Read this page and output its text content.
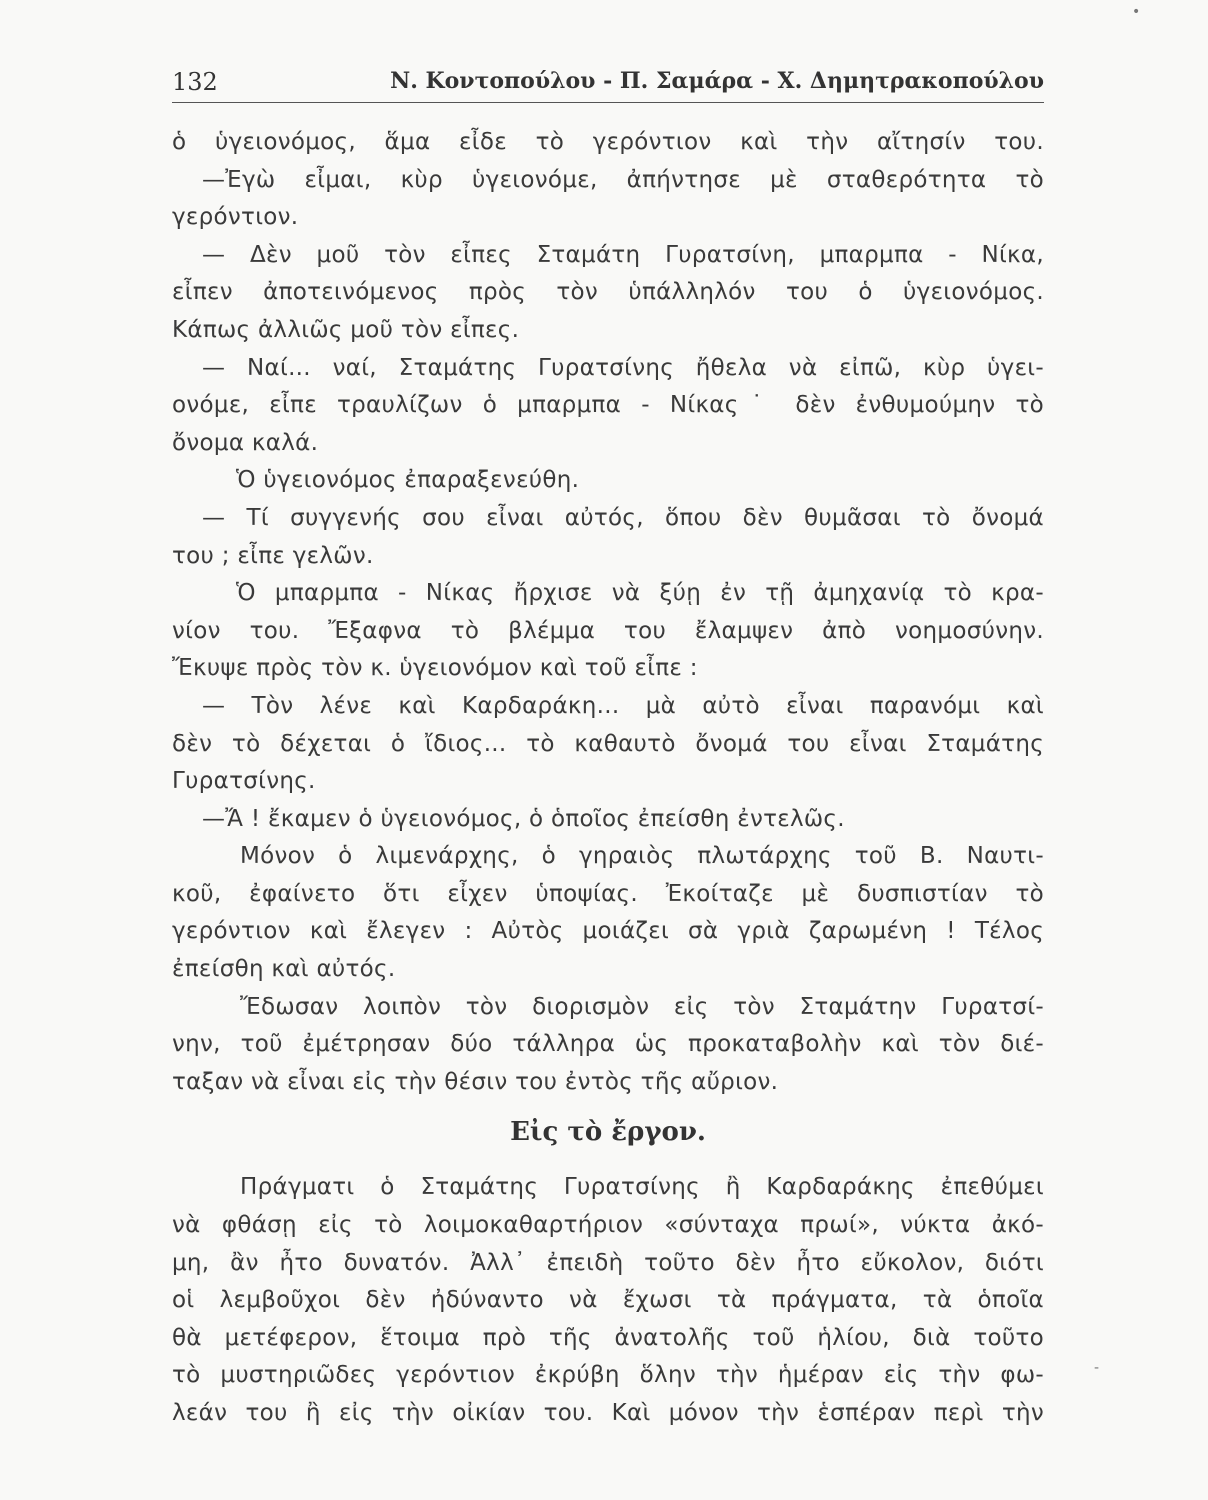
132	Ν. Κοντοπούλου - Π. Σαμάρα - Χ. Δημητρακοπούλου
ὁ ὑγειονόμος, ἅμα εἶδε τὸ γερόντιον καὶ τὴν αἴτησίν του.
—Ἐγὼ εἶμαι, κὺρ ὑγειονόμε, ἀπήντησε μὲ σταθερότητα τὸ
γερόντιον.
— Δὲν μοῦ τὸν εἶπες Σταμάτη Γυρατσίνη, μπαρμπα - Νίκα,
εἶπεν ἀποτεινόμενος πρὸς τὸν ὑπάλληλόν του ὁ ὑγειονόμος.
Κάπως ἀλλιῶς μοῦ τὸν εἶπες.
— Ναί... ναί, Σταμάτης Γυρατσίνης ἤθελα νὰ εἰπῶ, κὺρ ὑγει-
ονόμε, εἶπε τραυλίζων ὁ μπαρμπα - Νίκας˙ δὲν ἐνθυμούμην τὸ
ὄνομα καλά.
Ὁ ὑγειονόμος ἐπαραξενεύθη.
— Τί συγγενής σου εἶναι αὐτός, ὅπου δὲν θυμᾶσαι τὸ ὄνομά
του ; εἶπε γελῶν.
Ὁ μπαρμπα - Νίκας ἤρχισε νὰ ξύῃ ἐν τῇ ἀμηχανίᾳ τὸ κρα-
νίον του. Ἔξαφνα τὸ βλέμμα του ἔλαμψεν ἀπὸ νοημοσύνην.
Ἔκυψε πρὸς τὸν κ. ὑγειονόμον καὶ τοῦ εἶπε :
— Τὸν λένε καὶ Καρδαράκη... μὰ αὐτὸ εἶναι παρανόμι καὶ
δὲν τὸ δέχεται ὁ ἴδιος... τὸ καθαυτὸ ὄνομά του εἶναι Σταμάτης
Γυρατσίνης.
—Ἄ ! ἔκαμεν ὁ ὑγειονόμος, ὁ ὁποῖος ἐπείσθη ἐντελῶς.
Μόνον ὁ λιμενάρχης, ὁ γηραιὸς πλωτάρχης τοῦ Β. Ναυτι-
κοῦ, ἐφαίνετο ὅτι εἶχεν ὑποψίας. Ἐκοίταζε μὲ δυσπιστίαν τὸ
γερόντιον καὶ ἔλεγεν : Αὐτὸς μοιάζει σὰ γριὰ ζαρωμένη ! Τέλος
ἐπείσθη καὶ αὐτός.
Ἔδωσαν λοιπὸν τὸν διορισμὸν εἰς τὸν Σταμάτην Γυρατσί-
νην, τοῦ ἐμέτρησαν δύο τάλληρα ὡς προκαταβολὴν καὶ τὸν διέ-
ταξαν νὰ εἶναι εἰς τὴν θέσιν του ἐντὸς τῆς αὔριον.
Εἰς τὸ ἔργον.
Πράγματι ὁ Σταμάτης Γυρατσίνης ἢ Καρδαράκης ἐπεθύμει
νὰ φθάσῃ εἰς τὸ λοιμοκαθαρτήριον «σύνταχα πρωί», νύκτα ἀκό-
μη, ἂν ἦτο δυνατόν. Ἀλλ᾿ ἐπειδὴ τοῦτο δὲν ἦτο εὔκολον, διότι
οἱ λεμβοῦχοι δὲν ἠδύναντο νὰ ἔχωσι τὰ πράγματα, τὰ ὁποῖα
θὰ μετέφερον, ἕτοιμα πρὸ τῆς ἀνατολῆς τοῦ ἡλίου, διὰ τοῦτο
τὸ μυστηριῶδες γερόντιον ἐκρύβη ὅλην τὴν ἡμέραν εἰς τὴν φω-
λεάν του ἢ εἰς τὴν οἰκίαν του. Καὶ μόνον τὴν ἑσπέραν περὶ τὴν
-
•
